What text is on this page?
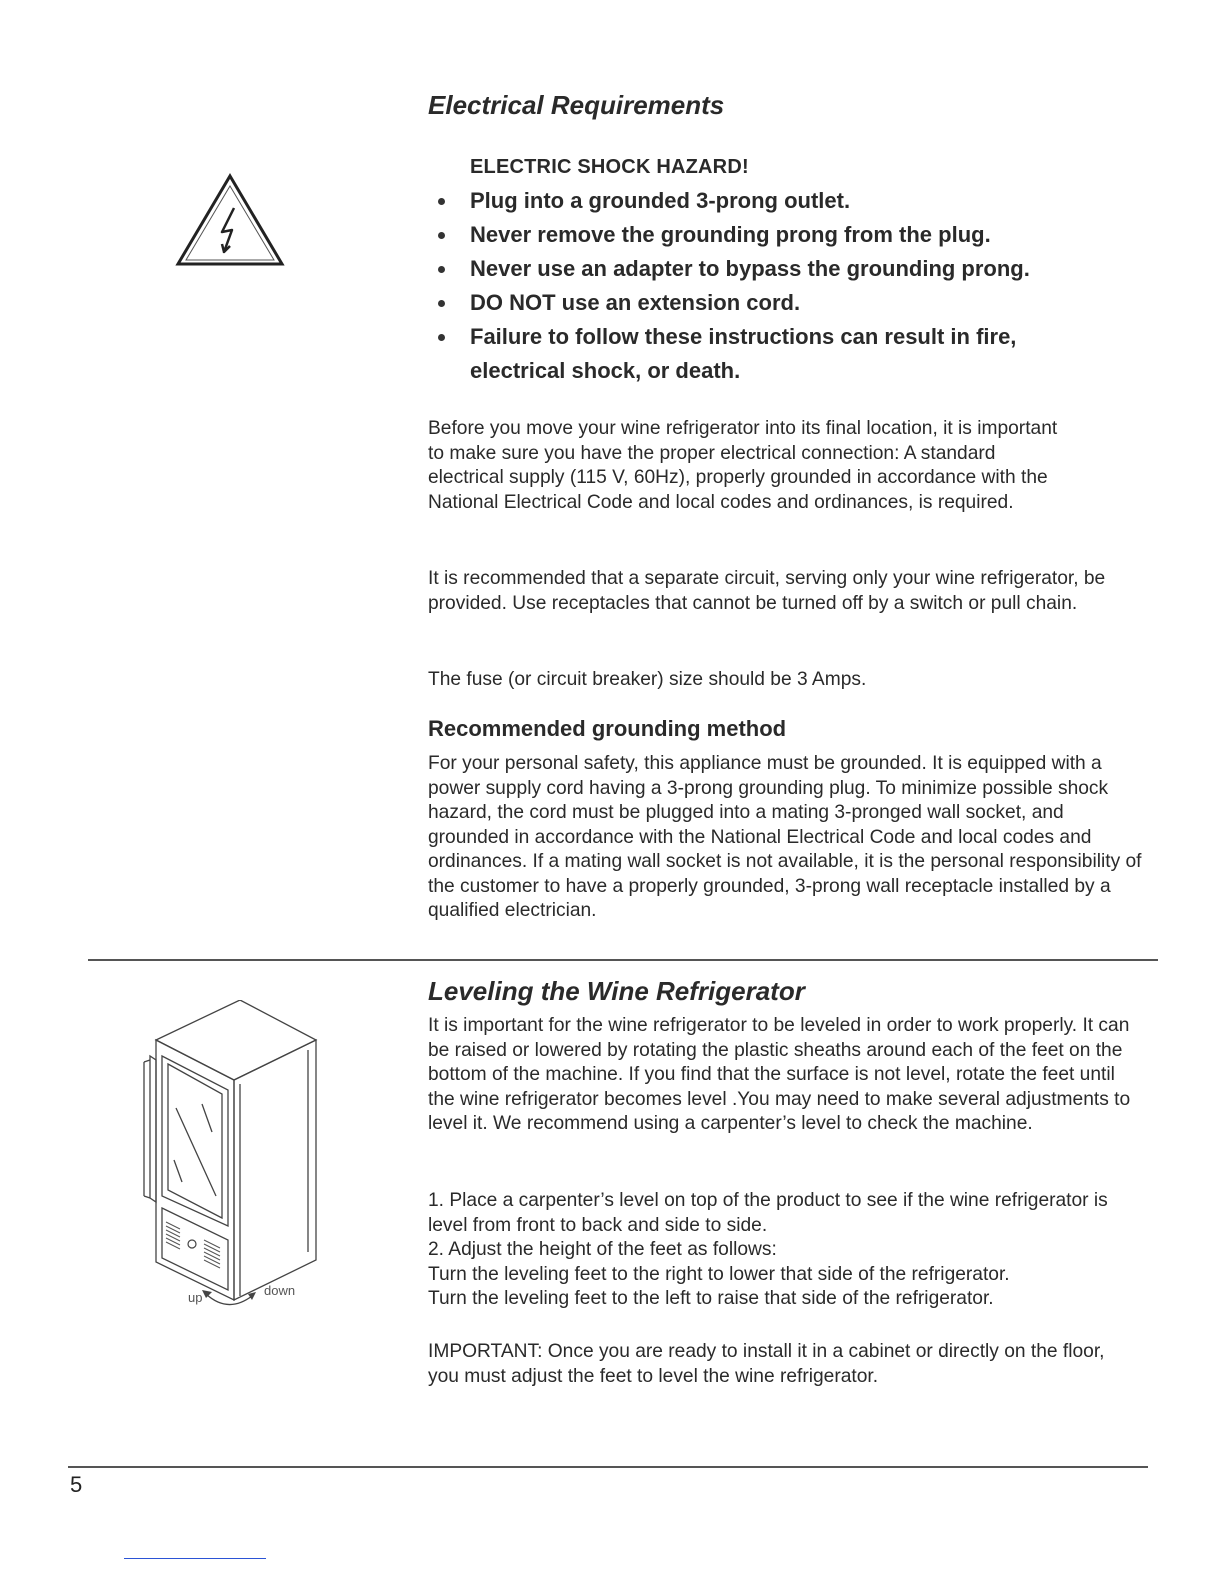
Electrical Requirements
ELECTRIC SHOCK HAZARD!
Plug into a grounded 3-prong outlet.
Never remove the grounding prong from the plug.
Never use an adapter to bypass the grounding prong.
DO NOT use an extension cord.
Failure to follow these instructions can result in fire, electrical shock, or death.

Before you move your wine refrigerator into its final location, it is important to make sure you have the proper electrical connection: A standard electrical supply (115 V, 60Hz), properly grounded in accordance with the National Electrical Code and local codes and ordinances, is required.

It is recommended that a separate circuit, serving only your wine refrigerator, be provided. Use receptacles that cannot be turned off by a switch or pull chain.

The fuse (or circuit breaker) size should be 3 Amps.

Recommended grounding method

For your personal safety, this appliance must be grounded. It is equipped with a power supply cord having a 3-prong grounding plug. To minimize possible shock hazard, the cord must be plugged into a mating 3-pronged wall socket, and grounded in accordance with the National Electrical Code and local codes and ordinances. If a mating wall socket is not available, it is the personal responsibility of the customer to have a properly grounded, 3-prong wall receptacle installed by a qualified electrician.

Leveling the Wine Refrigerator
up	down

It is important for the wine refrigerator to be leveled in order to work properly. It can be raised or lowered by rotating the plastic sheaths around each of the feet on the bottom of the machine. If you find that the surface is not level, rotate the feet until the wine refrigerator becomes level .You may need to make several adjustments to level it. We recommend using a carpenter’s level to check the machine.

1. Place a carpenter’s level on top of the product to see if the wine refrigerator is level from front to back and side to side.

2. Adjust the height of the feet as follows:

Turn the leveling feet to the right to lower that side of the refrigerator.

Turn the leveling feet to the left to raise that side of the refrigerator.

IMPORTANT: Once you are ready to install it in a cabinet or directly on the floor, you must adjust the feet to level the wine refrigerator.

5
